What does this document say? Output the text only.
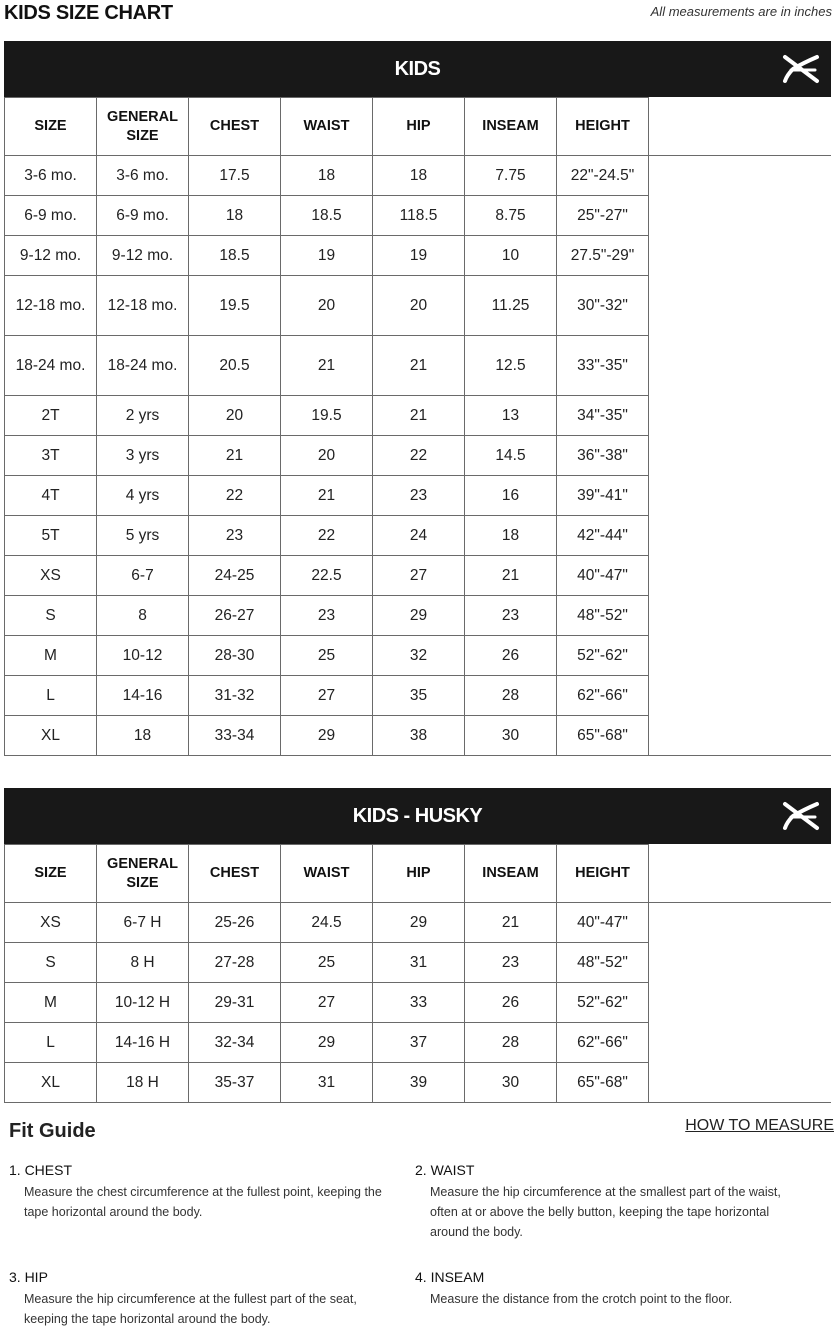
KIDS SIZE CHART	All measurements are in inches
KIDS
SIZE	GENERAL SIZE	CHEST	WAIST	HIP	INSEAM	HEIGHT	
3-6 mo.	3-6 mo.	17.5	18	18	7.75	22"-24.5"	
6-9 mo.	6-9 mo.	18	18.5	118.5	8.75	25"-27"	
9-12 mo.	9-12 mo.	18.5	19	19	10	27.5"-29"	
12-18 mo.	12-18 mo.	19.5	20	20	11.25	30"-32"	
18-24 mo.	18-24 mo.	20.5	21	21	12.5	33"-35"	
2T	2 yrs	20	19.5	21	13	34"-35"	
3T	3 yrs	21	20	22	14.5	36"-38"	
4T	4 yrs	22	21	23	16	39"-41"	
5T	5 yrs	23	22	24	18	42"-44"	
XS	6-7	24-25	22.5	27	21	40"-47"	
S	8	26-27	23	29	23	48"-52"	
M	10-12	28-30	25	32	26	52"-62"	
L	14-16	31-32	27	35	28	62"-66"	
XL	18	33-34	29	38	30	65"-68"	
KIDS - HUSKY
SIZE	GENERAL SIZE	CHEST	WAIST	HIP	INSEAM	HEIGHT	
XS	6-7 H	25-26	24.5	29	21	40"-47"	
S	8 H	27-28	25	31	23	48"-52"	
M	10-12 H	29-31	27	33	26	52"-62"	
L	14-16 H	32-34	29	37	28	62"-66"	
XL	18 H	35-37	31	39	30	65"-68"	
Fit Guide	HOW TO MEASURE
1. CHEST
Measure the chest circumference at the fullest point, keeping the tape horizontal around the body.
2. WAIST
Measure the hip circumference at the smallest part of the waist, often at or above the belly button, keeping the tape horizontal around the body.
3. HIP
Measure the hip circumference at the fullest part of the seat, keeping the tape horizontal around the body.
4. INSEAM
Measure the distance from the crotch point to the floor.
